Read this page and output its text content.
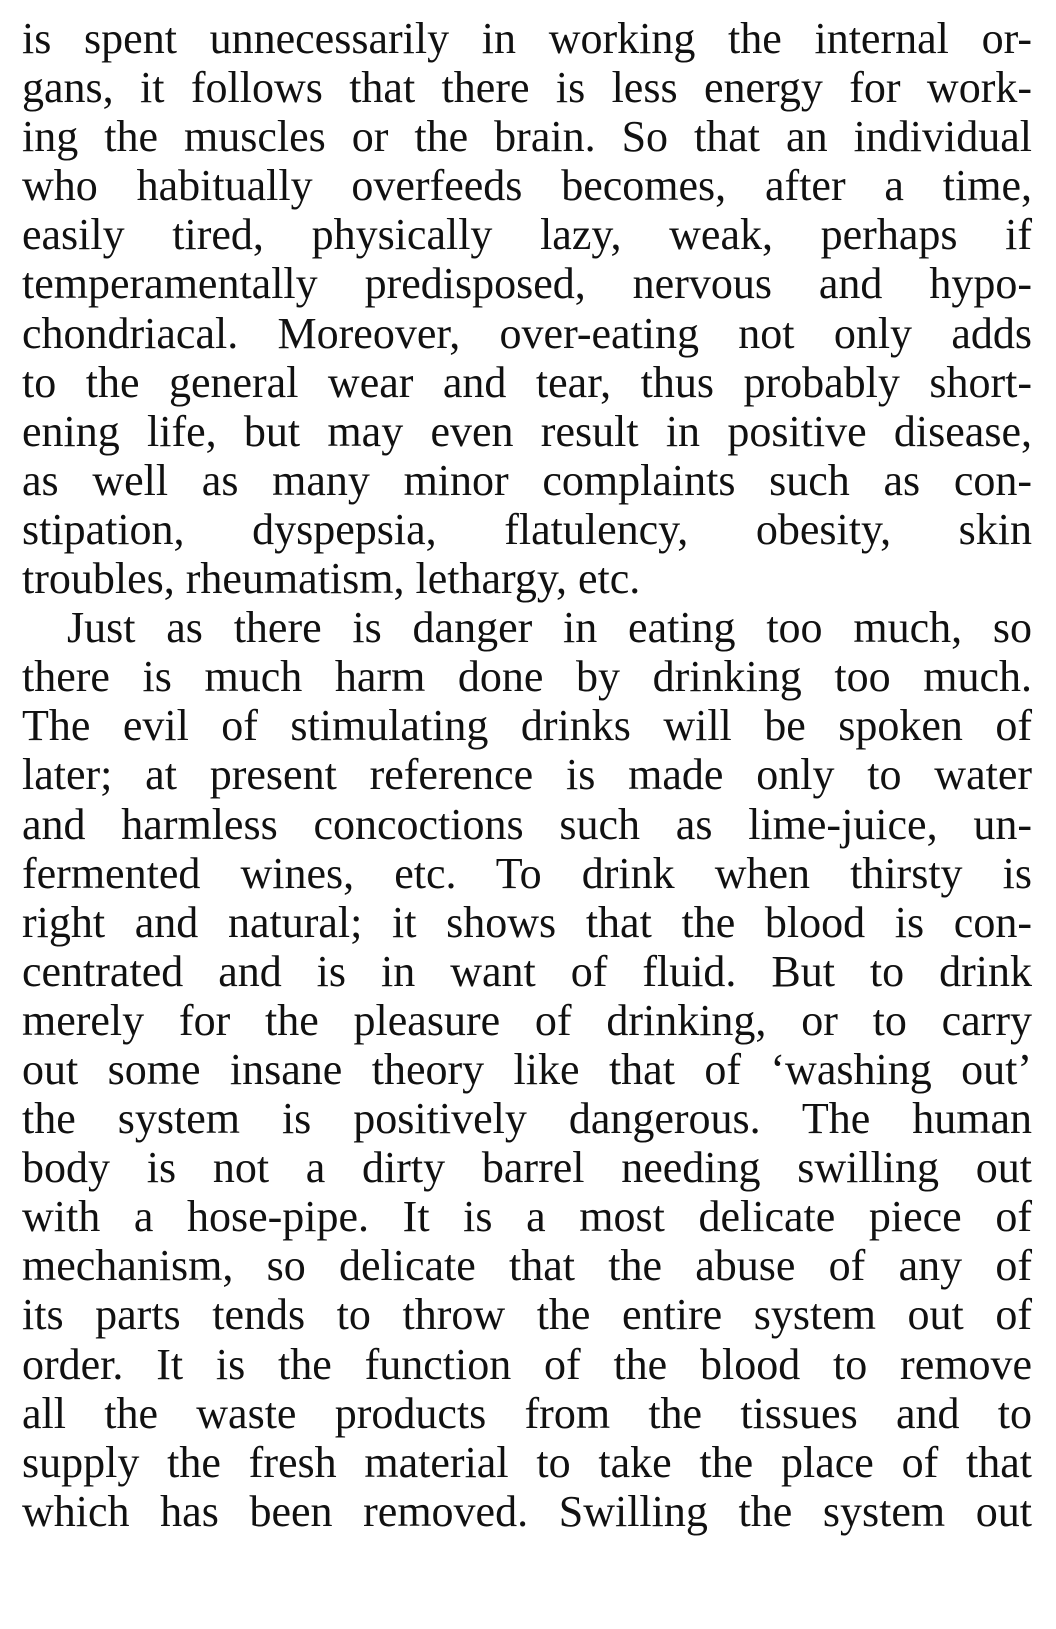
is spent unnecessarily in working the internal or-
gans, it follows that there is less energy for work-
ing the muscles or the brain. So that an individual
who habitually overfeeds becomes, after a time,
easily tired, physically lazy, weak, perhaps if
temperamentally predisposed, nervous and hypo-
chondriacal. Moreover, over-eating not only adds
to the general wear and tear, thus probably short-
ening life, but may even result in positive disease,
as well as many minor complaints such as con-
stipation, dyspepsia, flatulency, obesity, skin
troubles, rheumatism, lethargy, etc.
Just as there is danger in eating too much, so
there is much harm done by drinking too much.
The evil of stimulating drinks will be spoken of
later; at present reference is made only to water
and harmless concoctions such as lime-juice, un-
fermented wines, etc. To drink when thirsty is
right and natural; it shows that the blood is con-
centrated and is in want of fluid. But to drink
merely for the pleasure of drinking, or to carry
out some insane theory like that of ‘washing out’
the system is positively dangerous. The human
body is not a dirty barrel needing swilling out
with a hose-pipe. It is a most delicate piece of
mechanism, so delicate that the abuse of any of
its parts tends to throw the entire system out of
order. It is the function of the blood to remove
all the waste products from the tissues and to
supply the fresh material to take the place of that
which has been removed. Swilling the system out
